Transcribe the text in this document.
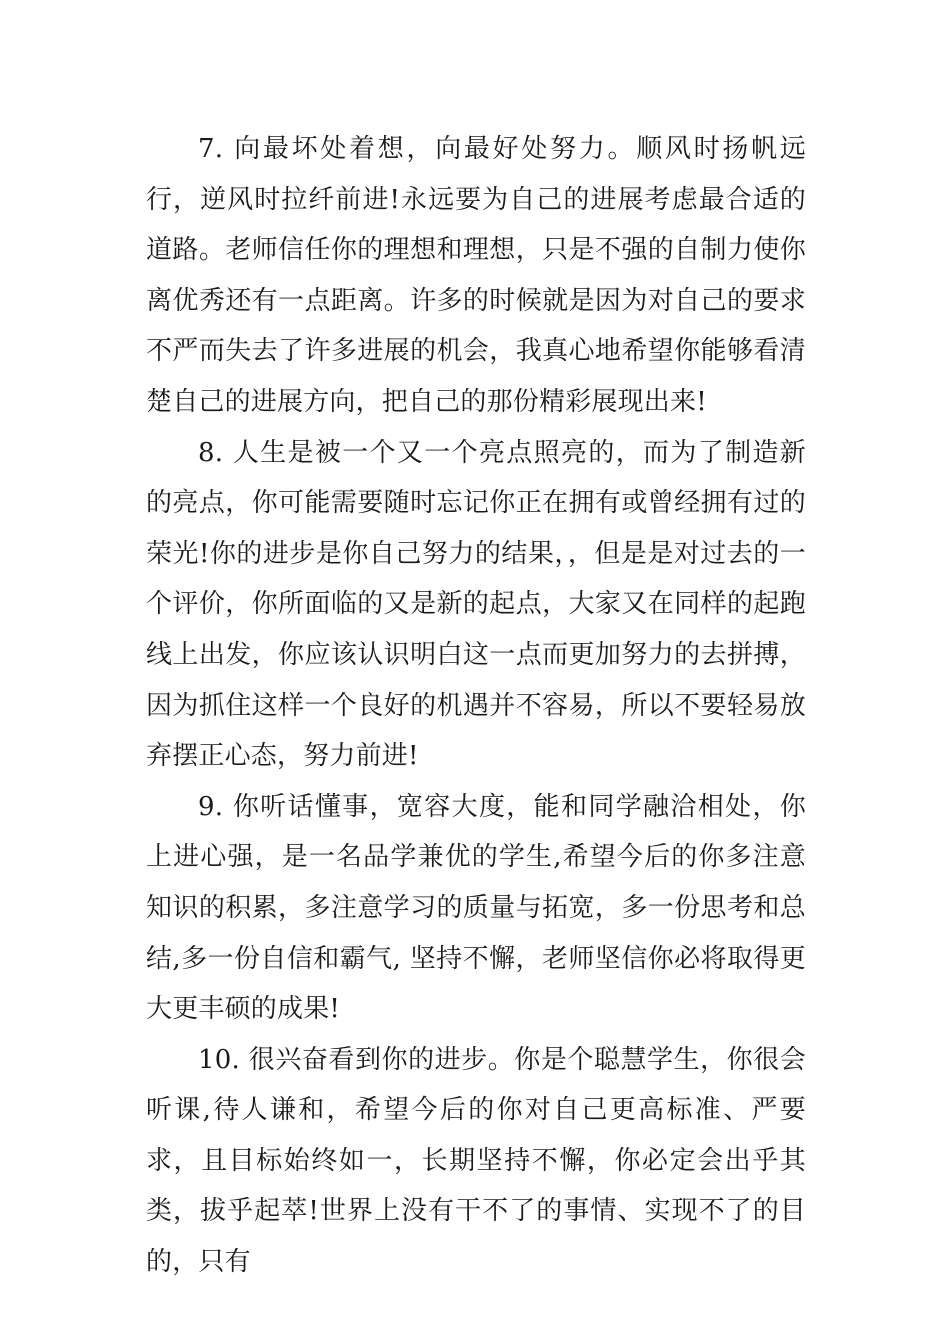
7. 向最坏处着想，向最好处努力。顺风时扬帆远行，逆风时拉纤前进!永远要为自己的进展考虑最合适的道路。老师信任你的理想和理想，只是不强的自制力使你离优秀还有一点距离。许多的时候就是因为对自己的要求不严而失去了许多进展的机会，我真心地希望你能够看清楚自己的进展方向，把自己的那份精彩展现出来!

8. 人生是被一个又一个亮点照亮的，而为了制造新的亮点，你可能需要随时忘记你正在拥有或曾经拥有过的荣光!你的进步是你自己努力的结果，，但是是对过去的一个评价，你所面临的又是新的起点，大家又在同样的起跑线上出发，你应该认识明白这一点而更加努力的去拼搏，因为抓住这样一个良好的机遇并不容易，所以不要轻易放弃摆正心态，努力前进!

9. 你听话懂事，宽容大度，能和同学融洽相处，你上进心强，是一名品学兼优的学生,希望今后的你多注意知识的积累，多注意学习的质量与拓宽，多一份思考和总结,多一份自信和霸气, 坚持不懈，老师坚信你必将取得更大更丰硕的成果!

10. 很兴奋看到你的进步。你是个聪慧学生，你很会听课,待人谦和，希望今后的你对自己更高标准、严要求，且目标始终如一，长期坚持不懈，你必定会出乎其类，拔乎起萃!世界上没有干不了的事情、实现不了的目的，只有
